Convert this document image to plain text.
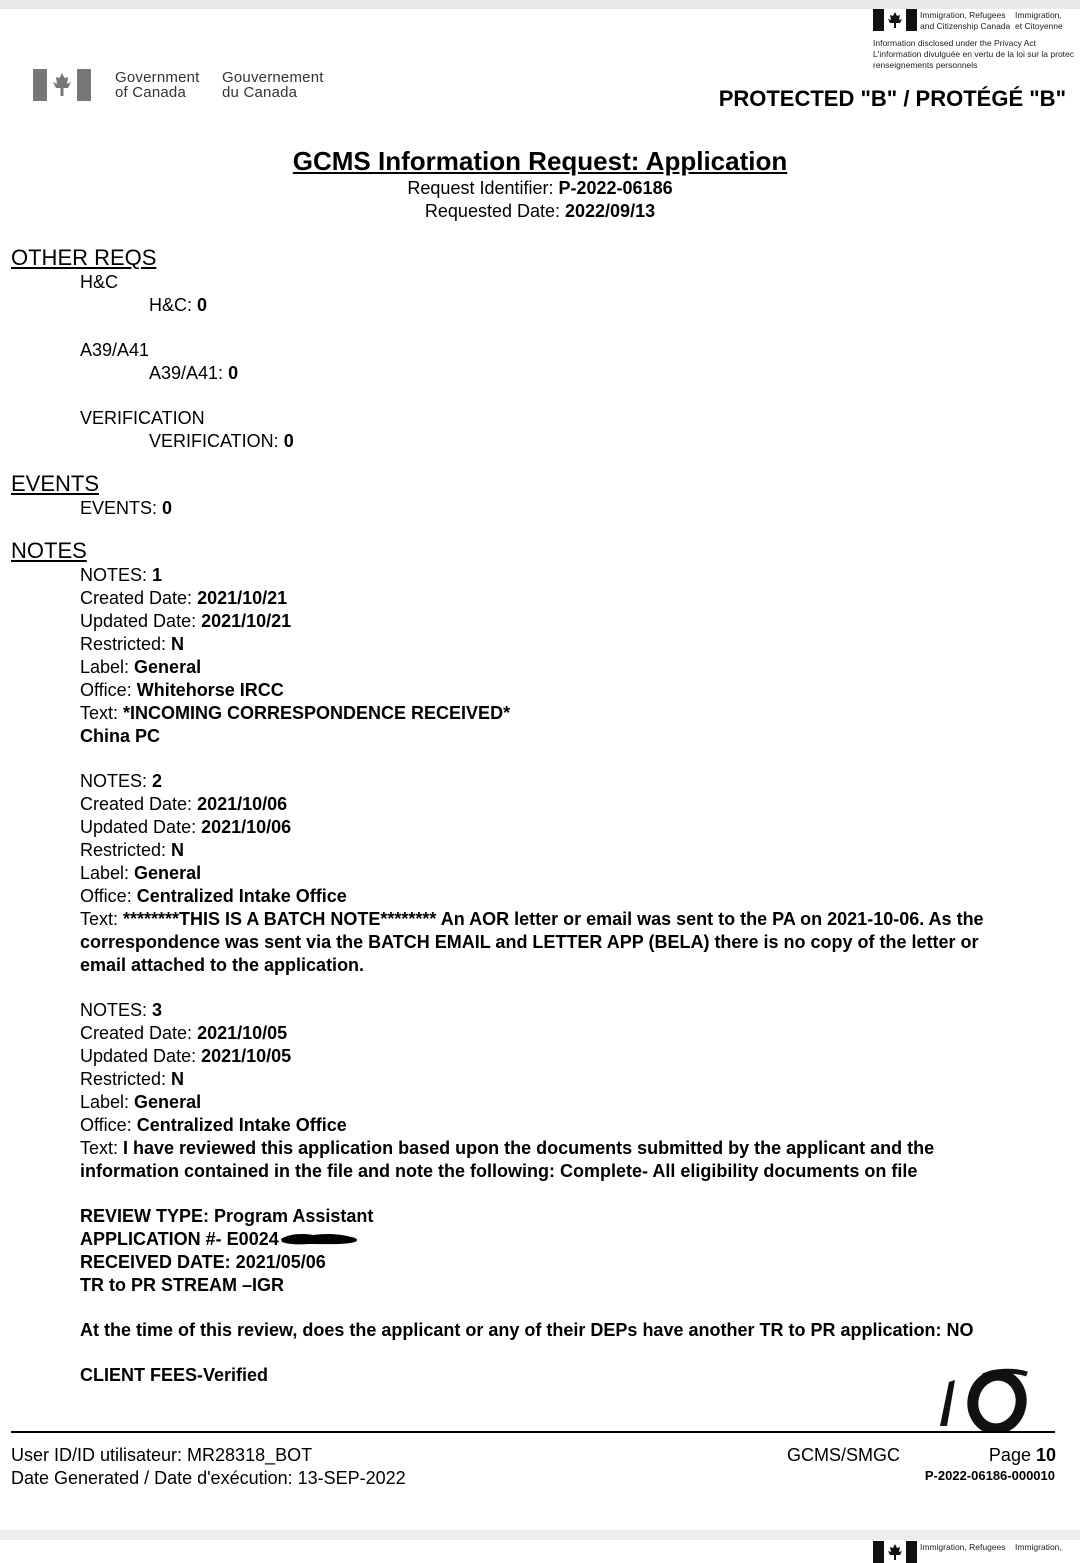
Immigration, Refugees Immigration,
and Citizenship Canada et Citoyenne
Information disclosed under the Privacy Act
L'information divulguée en vertu de la loi sur la protec
renseignements personnels
Government
of Canada
Gouvernement
du Canada	PROTECTED "B" / PROTÉGÉ "B"
GCMS Information Request: Application
Request Identifier: P-2022-06186
Requested Date: 2022/09/13
OTHER REQS
H&C
H&C: 0
A39/A41
A39/A41: 0
VERIFICATION
VERIFICATION: 0
EVENTS
EVENTS: 0
NOTES
NOTES: 1
Created Date: 2021/10/21
Updated Date: 2021/10/21
Restricted: N
Label: General
Office: Whitehorse IRCC
Text: *INCOMING CORRESPONDENCE RECEIVED*
China PC
NOTES: 2
Created Date: 2021/10/06
Updated Date: 2021/10/06
Restricted: N
Label: General
Office: Centralized Intake Office
Text: ********THIS IS A BATCH NOTE******** An AOR letter or email was sent to the PA on 2021-10-06. As the
correspondence was sent via the BATCH EMAIL and LETTER APP (BELA) there is no copy of the letter or
email attached to the application.
NOTES: 3
Created Date: 2021/10/05
Updated Date: 2021/10/05
Restricted: N
Label: General
Office: Centralized Intake Office
Text: I have reviewed this application based upon the documents submitted by the applicant and the
information contained in the file and note the following: Complete- All eligibility documents on file
REVIEW TYPE: Program Assistant
APPLICATION #- E0024
RECEIVED DATE: 2021/05/06
TR to PR STREAM –IGR
At the time of this review, does the applicant or any of their DEPs have another TR to PR application: NO
CLIENT FEES-Verified
User ID/ID utilisateur: MR28318_BOT
Date Generated / Date d'exécution: 13-SEP-2022
GCMS/SMGC	Page 10
P-2022-06186-000010
Immigration, Refugees Immigration,
